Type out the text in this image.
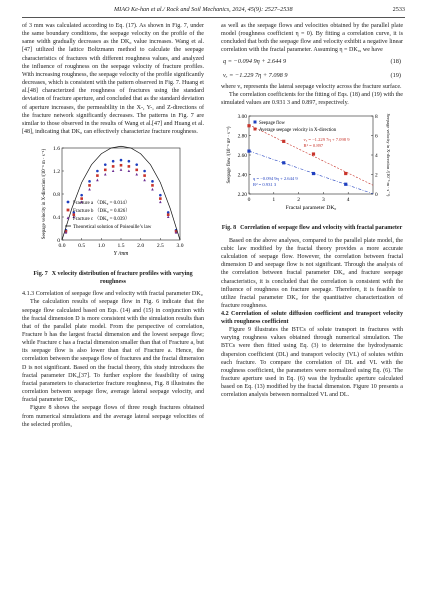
MIAO Ke-han et al./ Rock and Soil Mechanics, 2024, 45(9): 2527–2538	2533

of 3 mm was calculated according to Eq. (17). As shown in Fig. 7, under the same boundary conditions, the seepage velocity on the profile of the same width gradually decreases as the DK₀ value increases. Wang et al.[47] utilized the lattice Boltzmann method to calculate the seepage characteristics of fractures with different roughness values, and analyzed the influence of roughness on the seepage velocity of fracture profiles. With increasing roughness, the seepage velocity of the profile significantly decreases, which is consistent with the pattern observed in Fig. 7. Huang et al.[48] characterized the roughness of fractures using the standard deviation of fracture aperture, and concluded that as the standard deviation of aperture increases, the permeability in the X-, Y-, and Z-directions of the fracture network significantly decreases. The patterns in Fig. 7 are similar to those observed in the results of Wang et al.[47] and Huang et al.[48], indicating that DK₀ can effectively characterize fracture roughness.

0.0 0.5 1.0 1.5 2.0 2.5 3.0
0
0.4
0.8
1.2
1.6
Y /mm
Seepage velocity in X-direction /(10⁻⁶ m · s⁻¹)	Fracture a （DK₀ = 0.014）
Fracture b （DK₀ = 0.026）
Fracture c （DK₀ = 0.039）
Theoretical solution of Poiseuille’s law
Fig. 7 X velocity distribution of fracture profiles with varying roughness

4.1.3 Correlation of seepage flow and velocity with fractal parameter DK₀

The calculation results of seepage flow in Fig. 6 indicate that the seepage flow calculated based on Eqs. (14) and (15) in conjunction with the fractal dimension D is more consistent with the simulation results than that of the parallel plate model. From the perspective of correlation, Fracture b has the largest fractal dimension and the lowest seepage flow; while Fracture c has a fractal dimension smaller than that of Fracture a, but its seepage flow is also lower than that of Fracture a. Hence, the correlation between the seepage flow of fractures and the fractal dimension D is not significant. Based on the fractal theory, this study introduces the fractal parameter DK₀[37]. To further explore the feasibility of using fractal parameters to characterize fracture roughness, Fig. 8 illustrates the correlation between seepage flow, average lateral seepage velocity, and fractal parameter DK₀.

Figure 8 shows the seepage flows of three rough fractures obtained from numerical simulations and the average lateral seepage velocities of the selected profiles,

as well as the seepage flows and velocities obtained by the parallel plate model (roughness coefficient η = 0). By fitting a correlation curve, it is concluded that both the seepage flow and velocity exhibit a negative linear correlation with the fractal parameter. Assuming η = DK₀, we have

q = −0.094 9η + 2.644 9	(18)
vₓ = −1.229 7η + 7.098 9	(19)

where vₓ represents the lateral seepage velocity across the fracture surface.

The correlation coefficients for the fitting of Eqs. (18) and (19) with the simulated values are 0.931 3 and 0.897, respectively.

0	1	2	3	4
2.20
2.40
2.60
2.80
3.00
0
2
4
6
8
Fractal parameter DK₀
Seepage flow /(10⁻⁶ m³ · s⁻¹)	Seepage velocity in X-direction /(10⁻⁶ m · s⁻¹)
Seepage flow
Average seepage velocity in X-direction
vₓ = −1.229 7η + 7.098 9
R² = 0.897
q = −0.094 9η + 2.644 9
R² = 0.931 3
Fig. 8 Correlation of seepage flow and velocity with fractal parameter

Based on the above analyses, compared to the parallel plate model, the cubic law modified by the fractal theory provides a more accurate calculation of seepage flow. However, the correlation between fractal dimension D and seepage flow is not significant. Through the analysis of the correlation between fractal parameter DK₀ and fracture seepage characteristics, it is concluded that the correlation is consistent with the influence of roughness on fracture seepage. Therefore, it is feasible to utilize fractal parameter DK₀ for the quantitative characterization of fracture roughness.

4.2 Correlation of solute diffusion coefficient and transport velocity with roughness coefficient

Figure 9 illustrates the BTCs of solute transport in fractures with varying roughness values obtained through numerical simulation. The BTCs were then fitted using Eq. (3) to determine the hydrodynamic dispersion coefficient (DL) and transport velocity (VL) of solutes within each fracture. To compare the correlation of DL and VL with the roughness coefficient, the parameters were normalized using Eq. (6). The fracture aperture used in Eq. (6) was the hydraulic aperture calculated based on Eq. (13) modified by the fractal dimension. Figure 10 presents a correlation analysis between normalized VL and DL.
